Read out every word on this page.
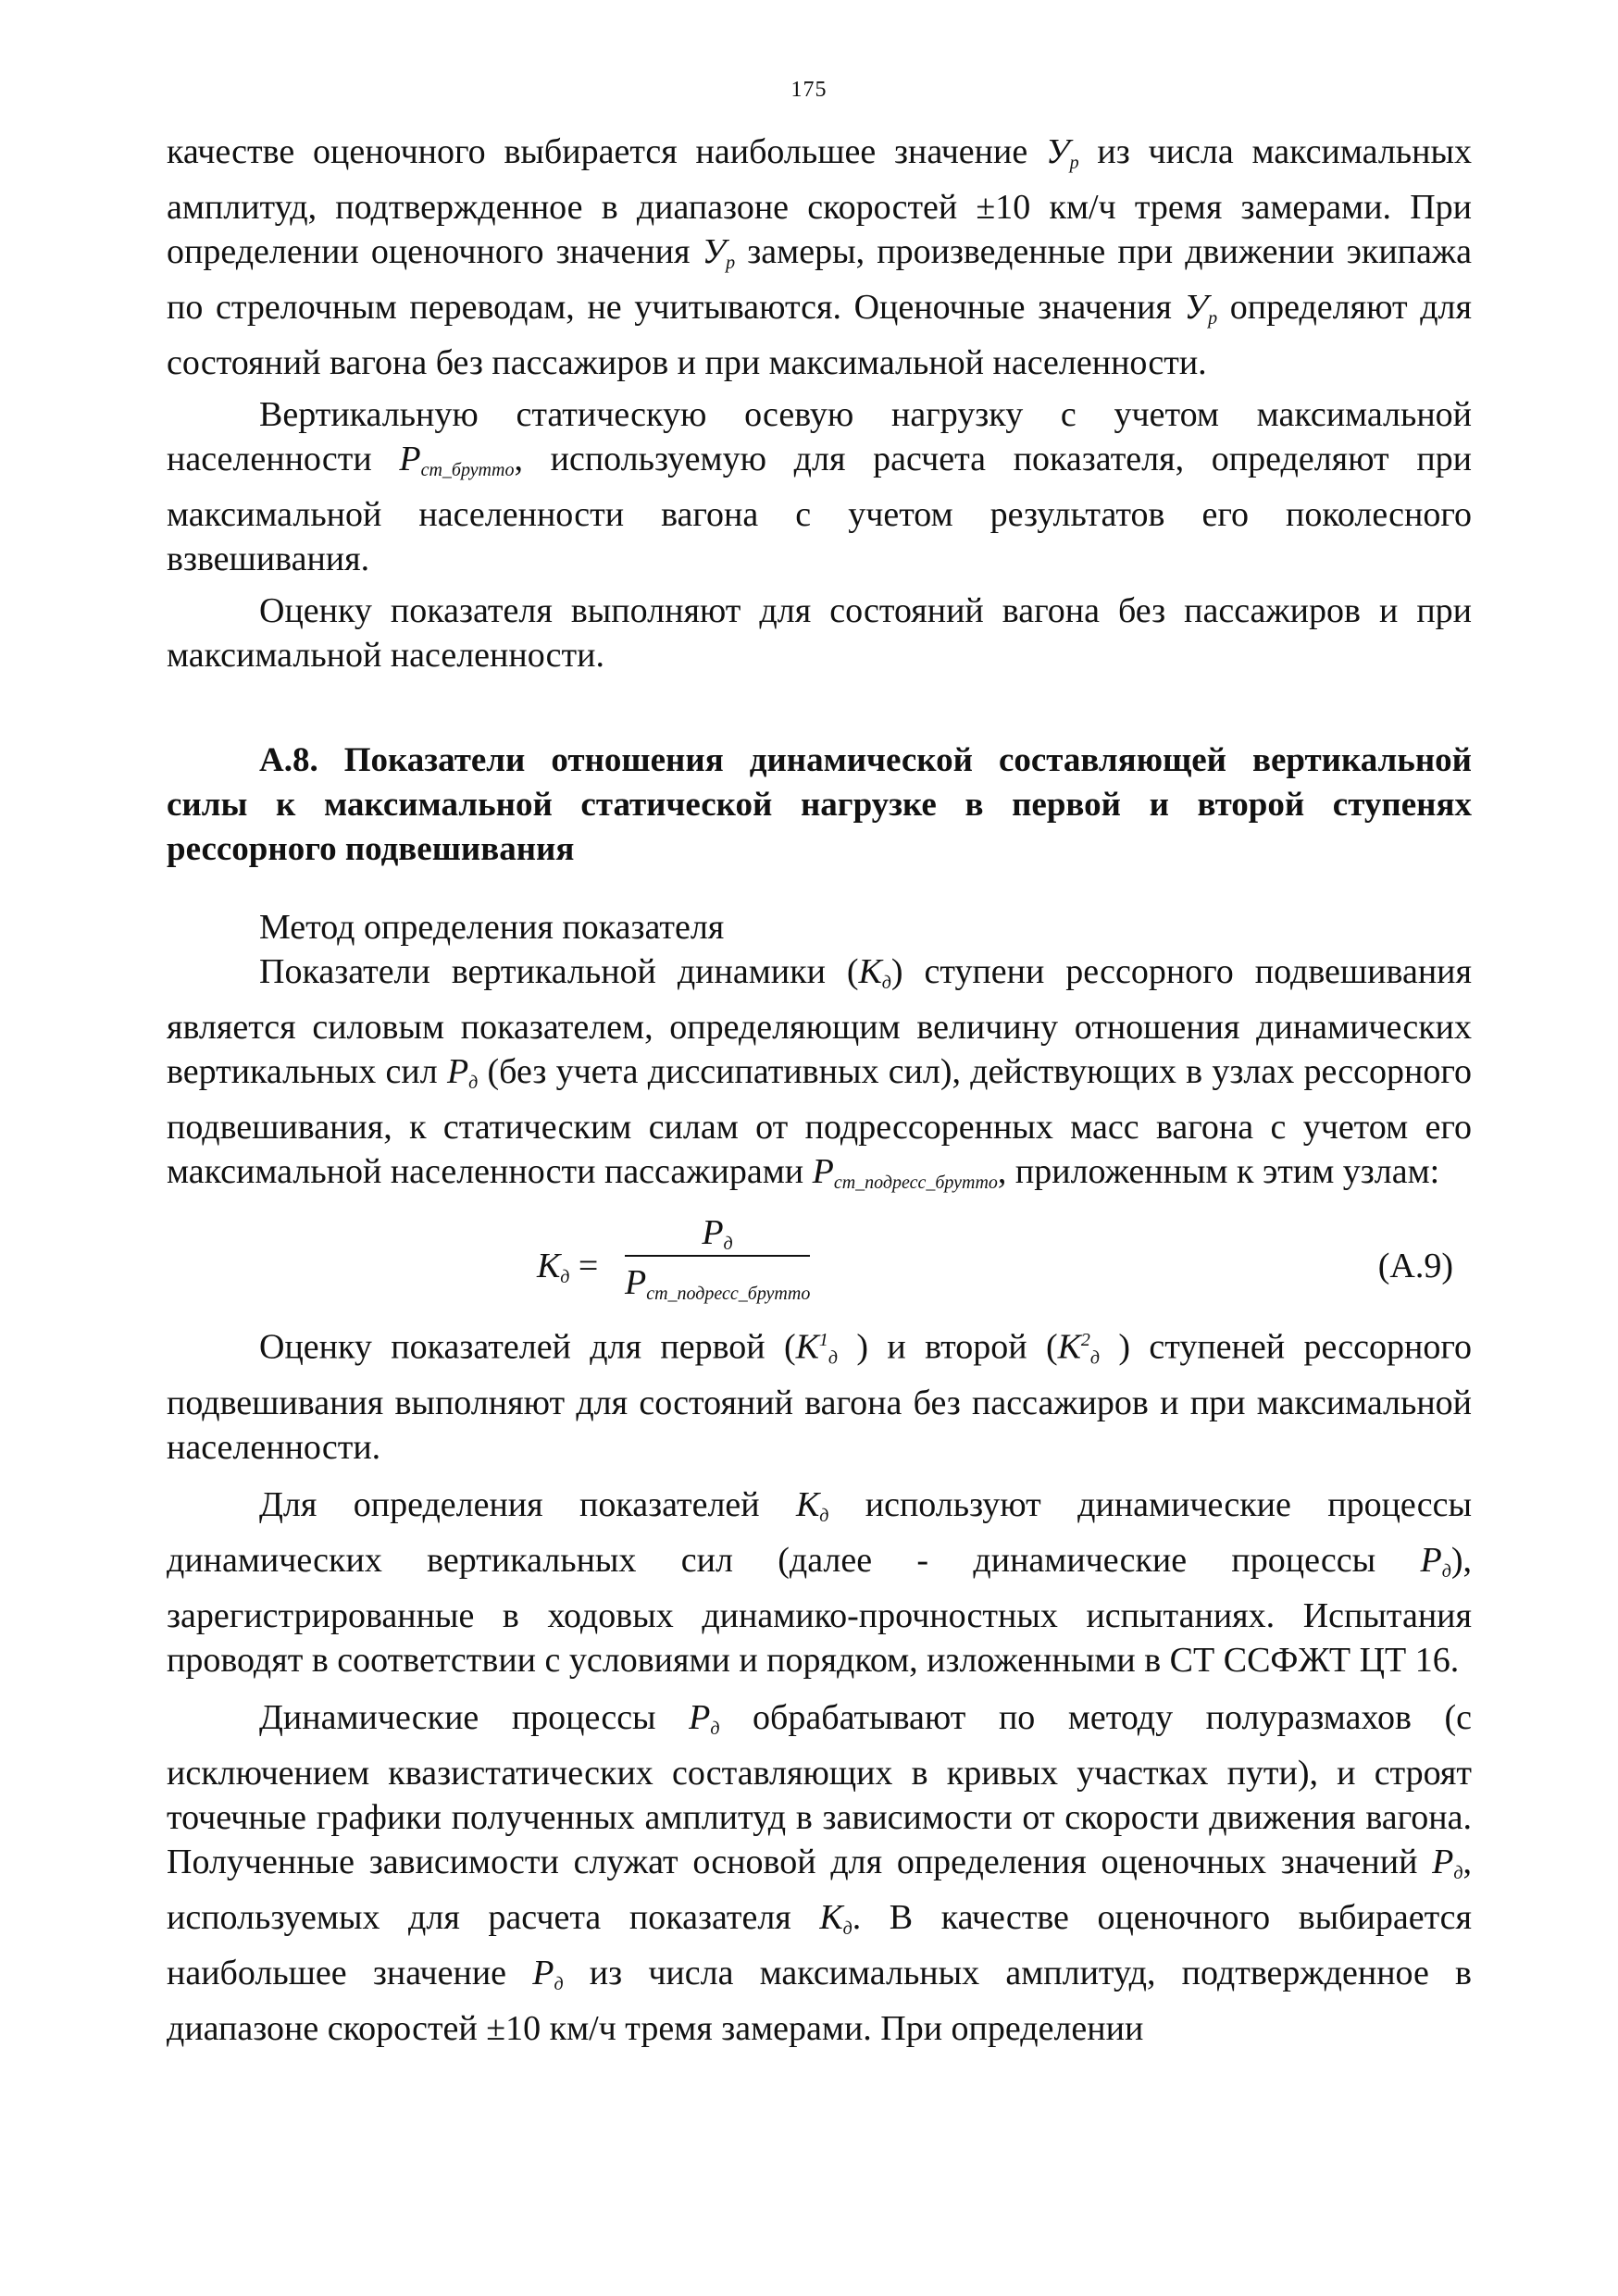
175

качестве оценочного выбирается наибольшее значение $У_р$ из числа максимальных амплитуд, подтвержденное в диапазоне скоростей ±10 км/ч тремя замерами. При определении оценочного значения $У_р$ замеры, произведенные при движении экипажа по стрелочным переводам, не учитываются. Оценочные значения $У_р$ определяют для состояний вагона без пассажиров и при максимальной населенности.

Вертикальную статическую осевую нагрузку с учетом максимальной населенности $Р_{ст\_брутто}$, используемую для расчета показателя, определяют при максимальной населенности вагона с учетом результатов его поколесного взвешивания.

Оценку показателя выполняют для состояний вагона без пассажиров и при максимальной населенности.

А.8. Показатели отношения динамической составляющей вертикальной силы к максимальной статической нагрузке в первой и второй ступенях рессорного подвешивания

Метод определения показателя

Показатели вертикальной динамики $(К_д)$ ступени рессорного подвешивания является силовым показателем, определяющим величину отношения динамических вертикальных сил $Р_д$ (без учета диссипативных сил), действующих в узлах рессорного подвешивания, к статическим силам от подрессоренных масс вагона с учетом его максимальной населенности пассажирами $Р_{ст\_подресс\_брутто}$, приложенным к этим узлам:

$К_д$ =
$Р_д$
$Р_{ст\_подресс\_брутто}$
(А.9)

Оценку показателей для первой ($К^1_д$ ) и второй ($К^2_д$ ) ступеней рессорного подвешивания выполняют для состояний вагона без пассажиров и при максимальной населенности.

Для определения показателей $К_д$ используют динамические процессы динамических вертикальных сил (далее - динамические процессы $Р_д$), зарегистрированные в ходовых динамико-прочностных испытаниях. Испытания проводят в соответствии с условиями и порядком, изложенными в СТ ССФЖТ ЦТ 16.

Динамические процессы $Р_д$ обрабатывают по методу полуразмахов (с исключением квазистатических составляющих в кривых участках пути), и строят точечные графики полученных амплитуд в зависимости от скорости движения вагона. Полученные зависимости служат основой для определения оценочных значений $Р_д$, используемых для расчета показателя $К_д$. В качестве оценочного выбирается наибольшее значение $Р_д$ из числа максимальных амплитуд, подтвержденное в диапазоне скоростей ±10 км/ч тремя замерами. При определении
